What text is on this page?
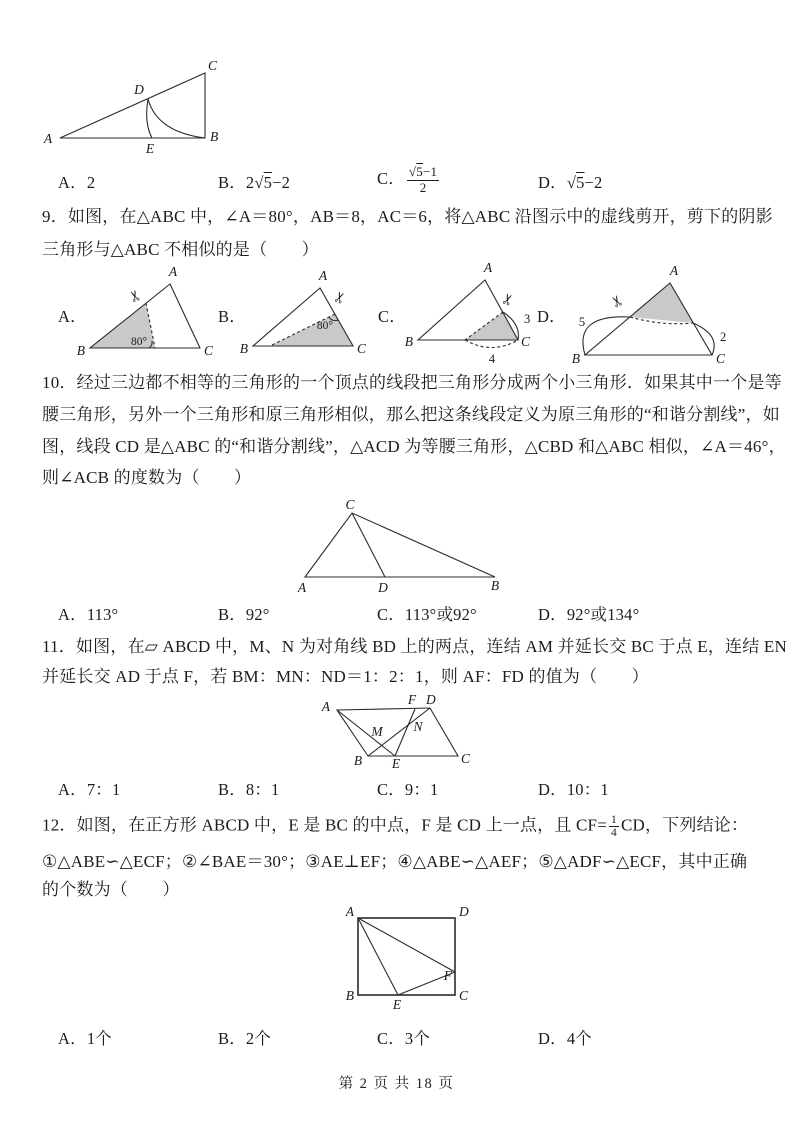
A	B
C
D
E
A．2	B．2√5−2	C． $\frac{√5-1}{2}$	D．√5−2
9．如图，在△ABC 中，∠A＝80°，AB＝8，AC＝6，将△ABC 沿图示中的虚线剪开，剪下的阴影
三角形与△ABC 不相似的是（　　）
A．	B．	C．	D．
80°
A
B	C
✂
80°
A
B	C
✂
3
4
A
B	C
✂
5
2
A
B	C
✂
10．经过三边都不相等的三角形的一个顶点的线段把三角形分成两个小三角形．如果其中一个是等
腰三角形，另外一个三角形和原三角形相似，那么把这条线段定义为原三角形的“和谐分割线”，如
图，线段 CD 是△ABC 的“和谐分割线”，△ACD 为等腰三角形，△CBD 和△ABC 相似，∠A＝46°，
则∠ACB 的度数为（　　）
A	D	B
C
A．113°	B．92°	C．113°或92°	D．92°或134°
11．如图，在▱ ABCD 中，M、N 为对角线 BD 上的两点，连结 AM 并延长交 BC 于点 E，连结 EN
并延长交 AD 于点 F，若 BM：MN：ND＝1：2：1，则 AF：FD 的值为（　　）
A	F D
M N
B E	C
A．7：1	B．8：1	C．9：1	D．10：1
12．如图，在正方形 ABCD 中，E 是 BC 的中点，F 是 CD 上一点，且 $CF= \frac{1}{4}$ CD，下列结论：
①△ABE∽△ECF；②∠BAE＝30°；③AE⊥EF；④△ABE∽△AEF；⑤△ADF∽△ECF，其中正确
的个数为（　　）
A	D
B	C
E
F
A．1个	B．2个	C．3个	D．4个
第 2 页 共 18 页
